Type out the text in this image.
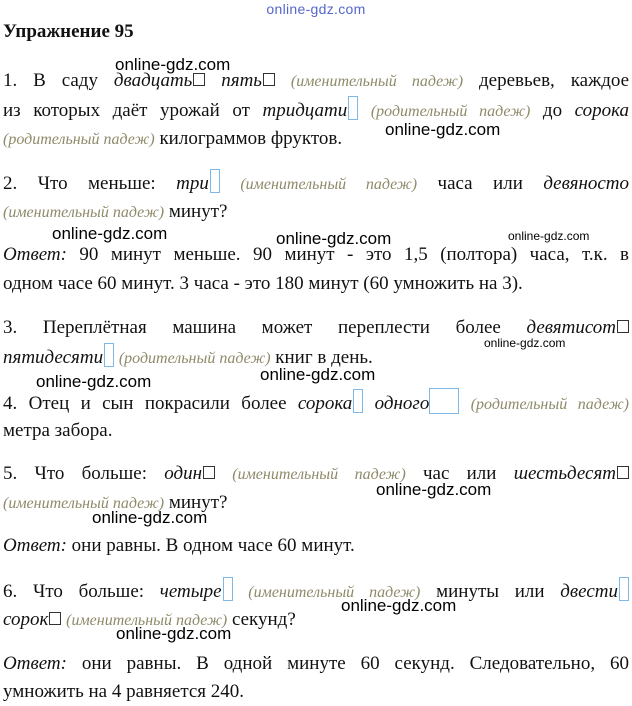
online-gdz.com
Упражнение 95
1. В саду двадцать пять (именительный падеж) деревьев, каждое
из которых даёт урожай от тридцати (родительный падеж) до сорока
(родительный падеж) килограммов фруктов.
2. Что меньше: три (именительный падеж) часа или девяносто
(именительный падеж) минут?
Ответ: 90 минут меньше. 90 минут - это 1,5 (полтора) часа, т.к. в
одном часе 60 минут. 3 часа - это 180 минут (60 умножить на 3).
3. Переплётная машина может переплести более девятисот
пятидесяти (родительный падеж) книг в день.
4. Отец и сын покрасили более сорока одного	(родительный падеж)
метра забора.
5. Что больше: один (именительный падеж) час или шестьдесят
(именительный падеж) минут?
Ответ: они равны. В одном часе 60 минут.
6. Что больше: четыре (именительный падеж) минуты или двести
сорок (именительный падеж) секунд?
Ответ: они равны. В одной минуте 60 секунд. Следовательно, 60
умножить на 4 равняется 240.
online-gdz.com
online-gdz.com
online-gdz.com
online-gdz.com	online-gdz.com
online-gdz.com
online-gdz.com
online-gdz.com
online-gdz.com
online-gdz.com
online-gdz.com
online-gdz.com
